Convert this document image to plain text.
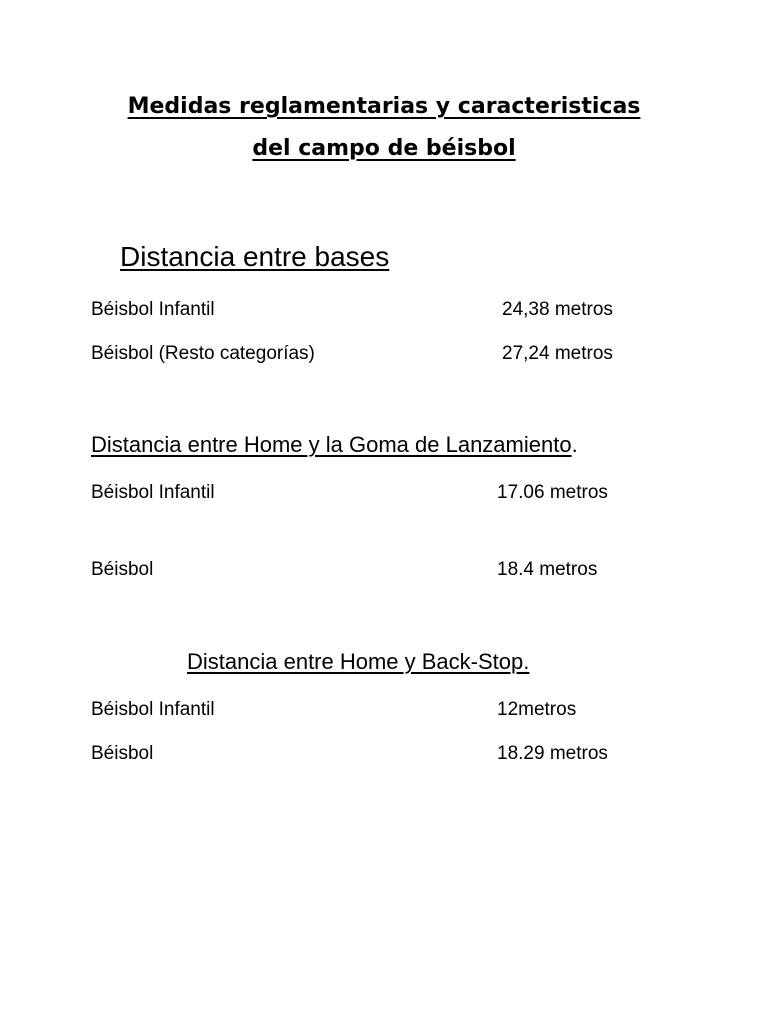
Medidas reglamentarias y caracteristicas
del campo de béisbol
Distancia entre bases

Béisbol Infantil	24,38 metros

Béisbol (Resto categorías)	27,24 metros

Distancia entre Home y la Goma de Lanzamiento.

Béisbol Infantil	17.06 metros

Béisbol	18.4 metros

Distancia entre Home y Back-Stop.

Béisbol Infantil	12metros

Béisbol	18.29 metros
